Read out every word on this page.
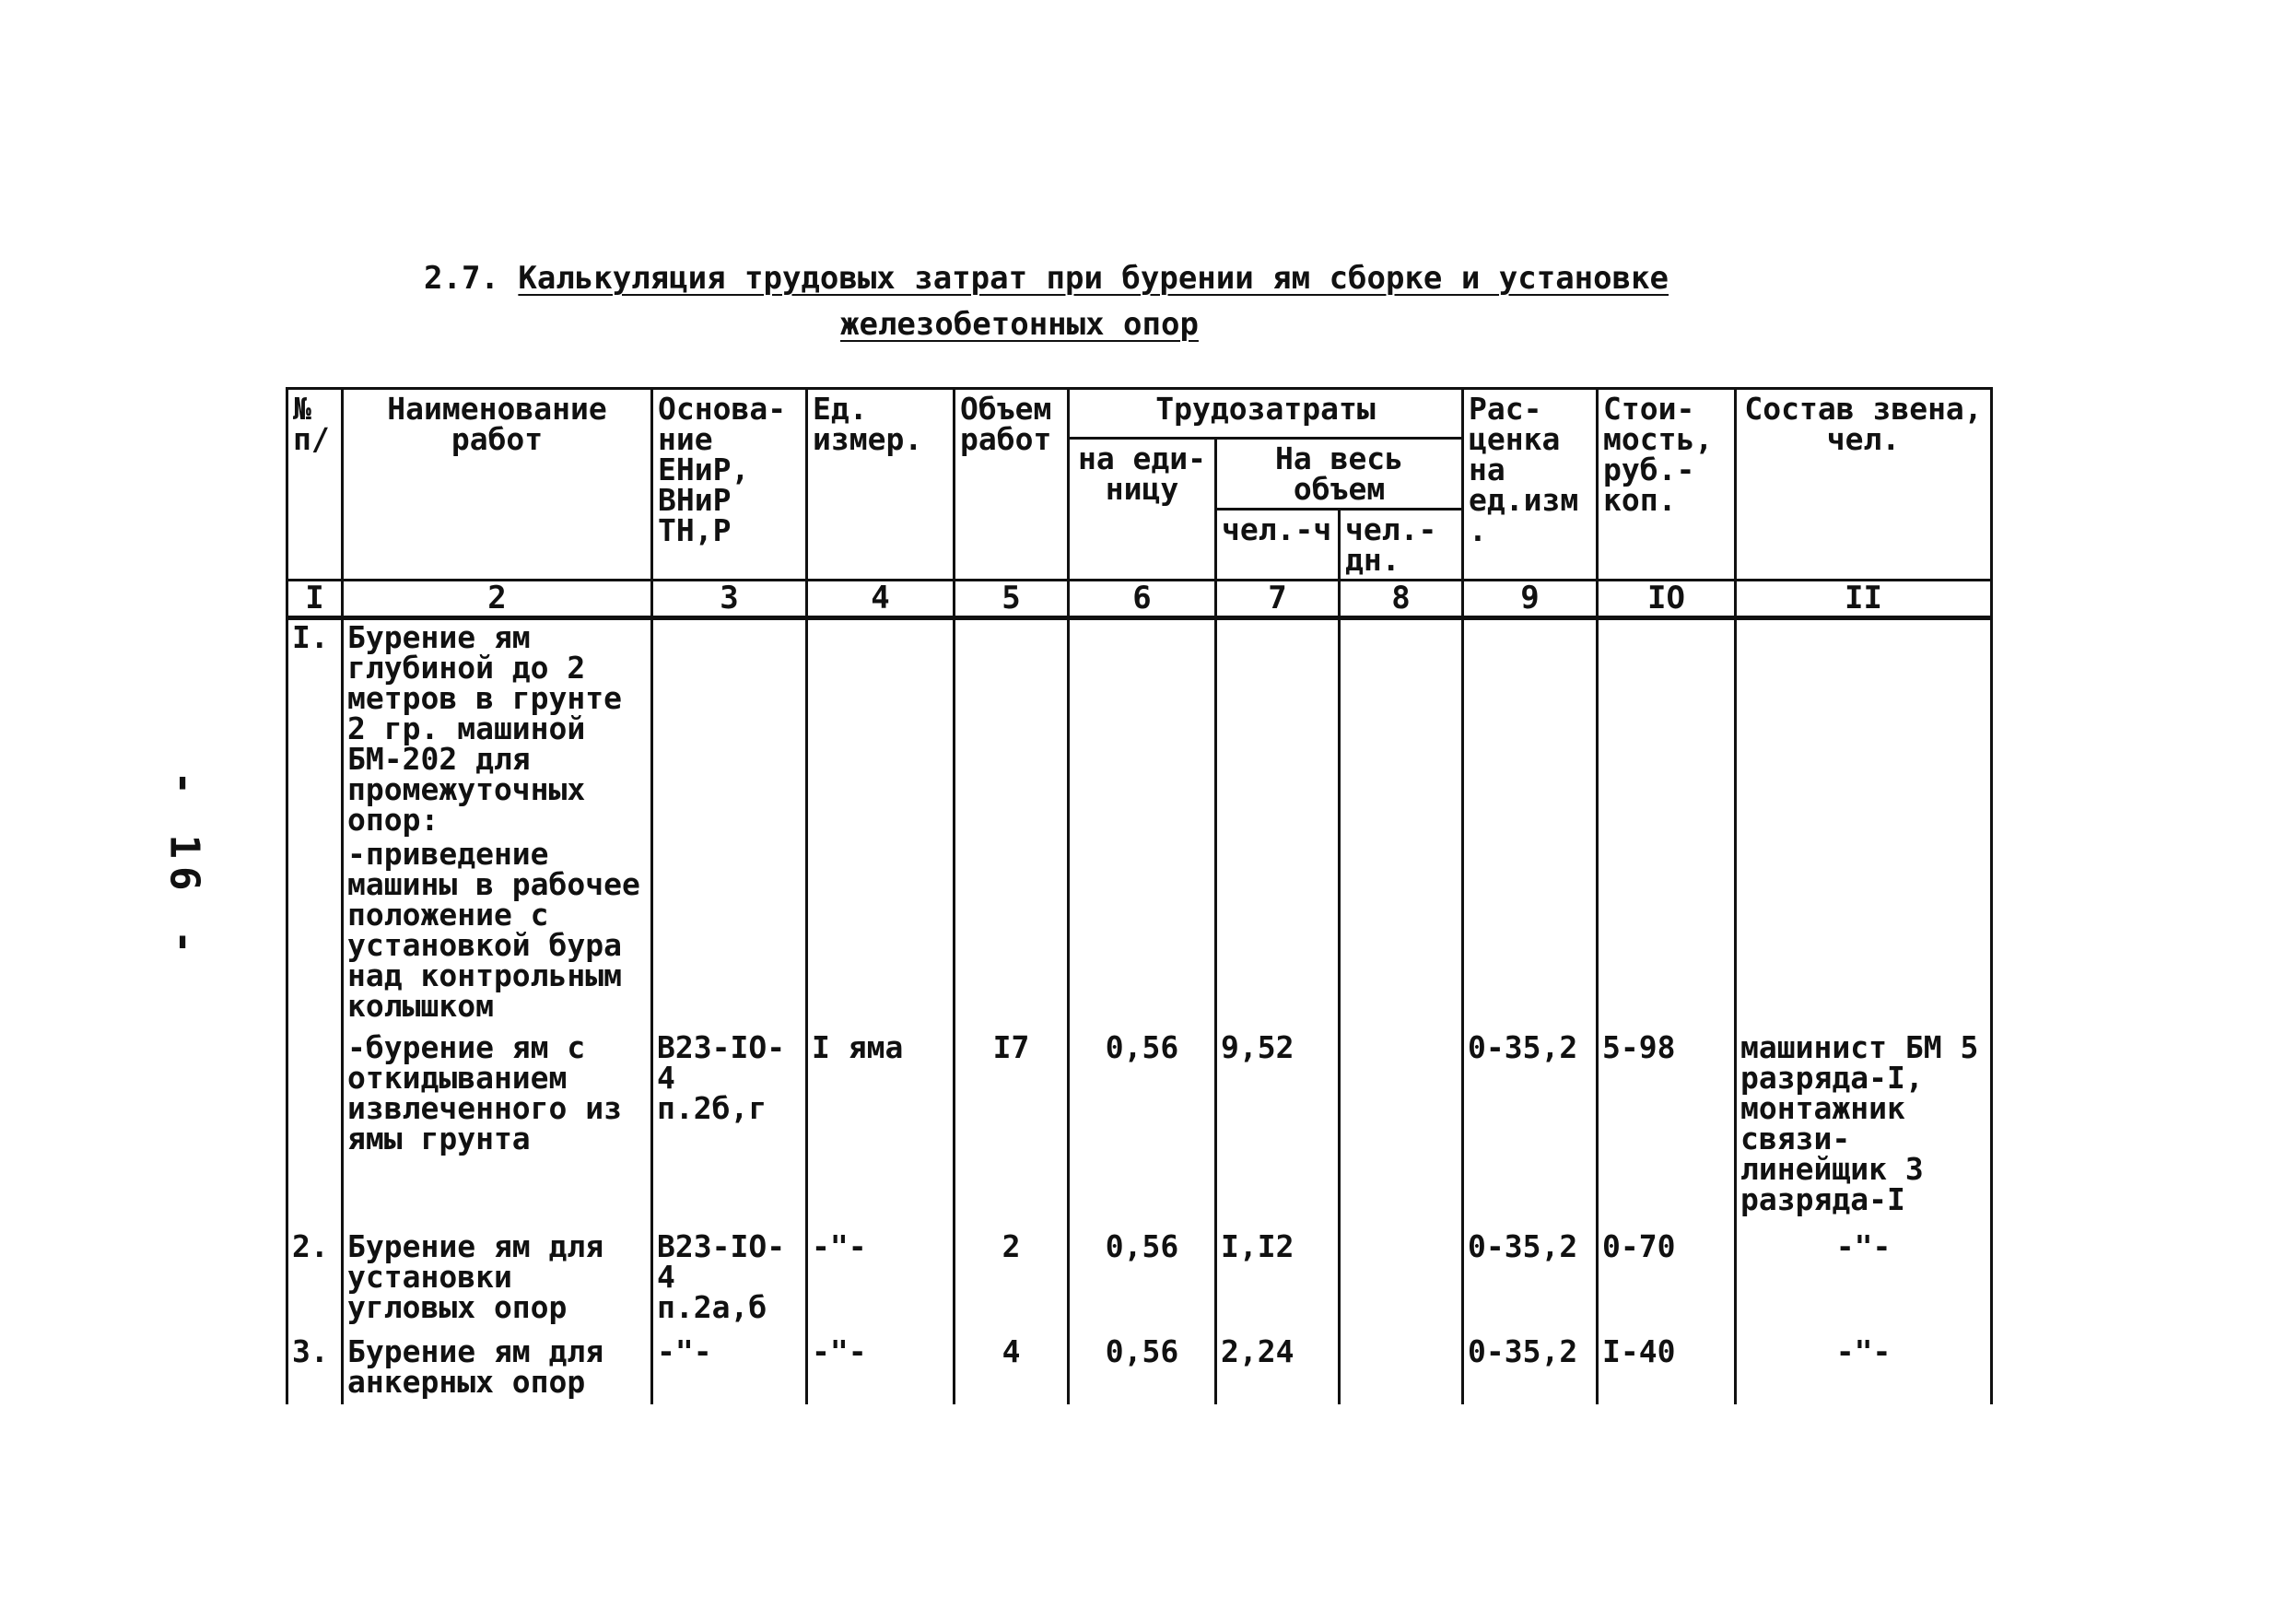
- 16 -
2.7. Калькуляция трудовых затрат при бурении ям сборке и установке
железобетонных опор
№ п/	Наименование работ	Основа-ние ЕНиР, ВНиР ТН,Р	Ед. измер.	Объем работ	Трудозатраты			Рас-ценка на ед.изм.	Стои-мость, руб.-коп.	Состав звена, чел.
					на еди-ницу	На весь объем				
						чел.-ч	чел.-дн.			
I	2	3	4	5	6	7	8	9	IO	II
I.	Бурение ям глубиной до 2 метров в грунте 2 гр. машиной БМ-202 для промежуточных опор:									
	-приведение машины в рабочее положение с установкой бура над контрольным колышком									
	-бурение ям с откидыванием извлеченного из ямы грунта	В23-IO-4 п.2б,г	I яма	I7	0,56	9,52		0-35,2	5-98	машинист БМ 5 разряда-I, монтажник связи-линейщик 3 разряда-I
2.	Бурение ям для установки угловых опор	В23-IO-4 п.2а,б	-"-	2	0,56	I,I2		0-35,2	0-70	-"-
3.	Бурение ям для анкерных опор	-"-	-"-	4	0,56	2,24		0-35,2	I-40	-"-
